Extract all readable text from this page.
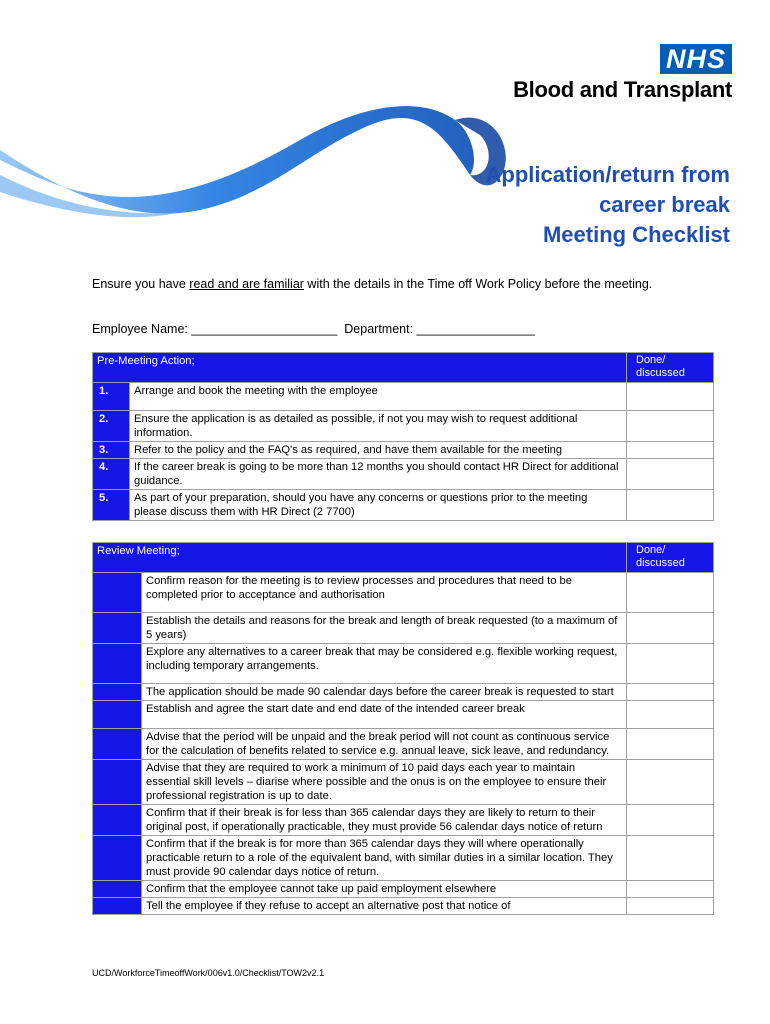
NHS
Blood and Transplant
Application/return from
career break
Meeting Checklist
Ensure you have read and are familiar with the details in the Time off Work Policy before the meeting.
Employee Name: _____________________  Department: _________________
Pre-Meeting Action;		Done/ discussed
1.	Arrange and book the meeting with the employee	
2.	Ensure the application is as detailed as possible, if not you may wish to request additional information.	
3.	Refer to the policy and the FAQ's as required, and have them available for the meeting	
4.	If the career break is going to be more than 12 months you should contact HR Direct for additional guidance.	
5.	As part of your preparation, should you have any concerns or questions prior to the meeting please discuss them with HR Direct (2 7700)	
Review Meeting;		Done/ discussed
	Confirm reason for the meeting is to review processes and procedures that need to be completed prior to acceptance and authorisation	
	Establish the details and reasons for the break and length of break requested (to a maximum of 5 years)	
	Explore any alternatives to a career break that may be considered e.g. flexible working request, including temporary arrangements.	
	The application should be made 90 calendar days before the career break is requested to start	
	Establish and agree the start date and end date of the intended career break	
	Advise that the period will be unpaid and the break period will not count as continuous service for the calculation of benefits related to service e.g. annual leave, sick leave, and redundancy.	
	Advise that they are required to work a minimum of 10 paid days each year to maintain essential skill levels – diarise where possible and the onus is on the employee to ensure their professional registration is up to date.	
	Confirm that if their break is for less than 365 calendar days they are likely to return to their original post, if operationally practicable, they must provide 56 calendar days notice of return	
	Confirm that if the break is for more than 365 calendar days they will where operationally practicable return to a role of the equivalent band, with similar duties in a similar location. They must provide 90 calendar days notice of return.	
	Confirm that the employee cannot take up paid employment elsewhere	
	Tell the employee if they refuse to accept an alternative post that notice of	
UCD/WorkforceTimeoffWork/006v1.0/Checklist/TOW2v2.1
